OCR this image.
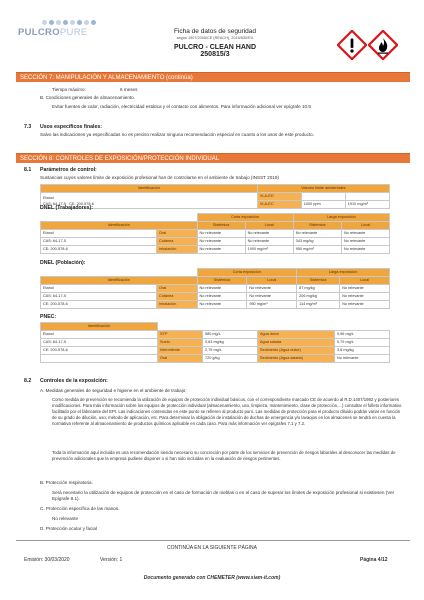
PULCROPURE	Ficha de datos de seguridad
según 1907/2006/CE (REACH), 2015/830/EU
PULCRO - CLEAN HAND
250815/3
SECCIÓN 7: MANIPULACIÓN Y ALMACENAMIENTO (continúa)
Tiempo máximo:	6 meses
B. Condiciones generales de almacenamiento.
Evitar fuentes de calor, radiación, electricidad estática y el contacto con alimentos. Para información adicional ver epígrafe 10.5
7.3 Usos específicos finales:
Salvo las indicaciones ya especificadas no es preciso realizar ninguna recomendación especial en cuanto a los usos de este producto.
SECCIÓN 8: CONTROLES DE EXPOSICIÓN/PROTECCIÓN INDIVIDUAL
8.1 Parámetros de control:
Sustancias cuyos valores límite de exposición profesional han de controlarse en el ambiente de trabajo (INSST 2019)
Identificación	Valores límite ambientales		

Etanol
CAS: 64-17-5 CE: 200-578-6	VLA-ED		
	VLA-EC	1000 ppm	1910 mg/m³
DNEL (Trabajadores):
		Corta exposición		Larga exposición	
Identificación		Sistémica	Local	Sistémica	Local
Etanol	Oral	No relevante	No relevante	No relevante	No relevante
CAS: 64-17-5	Cutánea	No relevante	No relevante	343 mg/kg	No relevante
CE: 200-578-6	Inhalación	No relevante	1900 mg/m³	950 mg/m³	No relevante
DNEL (Población):
		Corta exposición		Larga exposición	
Identificación		Sistémica	Local	Sistémica	Local
Etanol	Oral	No relevante	No relevante	87 mg/kg	No relevante
CAS: 64-17-5	Cutánea	No relevante	No relevante	206 mg/kg	No relevante
CE: 200-578-6	Inhalación	No relevante	950 mg/m³	114 mg/m³	No relevante
PNEC:
Identificación				
Etanol	STP	580 mg/L	Agua dulce	0,96 mg/L
CAS: 64-17-5	Suelo	0,63 mg/kg	Agua salada	0,79 mg/L
CE: 200-578-6	Intermitente	2,75 mg/L	Sedimento (Agua dulce)	3,6 mg/kg
	Oral	720 g/kg	Sedimento (Agua salada)	No relevante
8.2 Controles de la exposición:
A. Medidas generales de seguridad e higiene en el ambiente de trabajo:
Como medida de prevención se recomienda la utilización de equipos de protección individual básicos, con el correspondiente marcado CE de acuerdo al R.D.1407/1992 y posteriores modificaciones. Para más información sobre los equipos de protección individual (almacenamiento, uso, limpieza, mantenimiento, clase de protección,...) consultar el folleto informativo facilitado por el fabricante del EPI. Las indicaciones contenidas en este punto se refieren al producto puro. Las medidas de protección para el producto diluido podrán variar en función de su grado de dilución, uso, método de aplicación, etc. Para determinar la obligación de instalación de duchas de emergencia y/o lavaojos en los almacenes se tendrá en cuenta la normativa referente al almacenamiento de productos químicos aplicable en cada caso. Para más información ver epígrafes 7.1 y 7.2.
Toda la información aquí incluida es una recomendación siendo necesario su concreción por parte de los servicios de prevención de riesgos laborales al desconocer las medidas de prevención adicionales que la empresa pudiese disponer o si han sido incluidas en la evaluación de riesgos pertinentes.
B. Protección respiratoria.
Será necesario la utilización de equipos de protección en el caso de formación de nieblas o en el caso de superar los límites de exposición profesional si existiesen (Ver Epígrafe 8.1).
C. Protección específica de las manos.
No relevante
D. Protección ocular y facial
CONTINÚA EN LA SIGUIENTE PÁGINA
Emisión: 30/03/2020	Versión: 1	Página 4/12
Documento generado con CHEMETER (www.siam-it.com)
